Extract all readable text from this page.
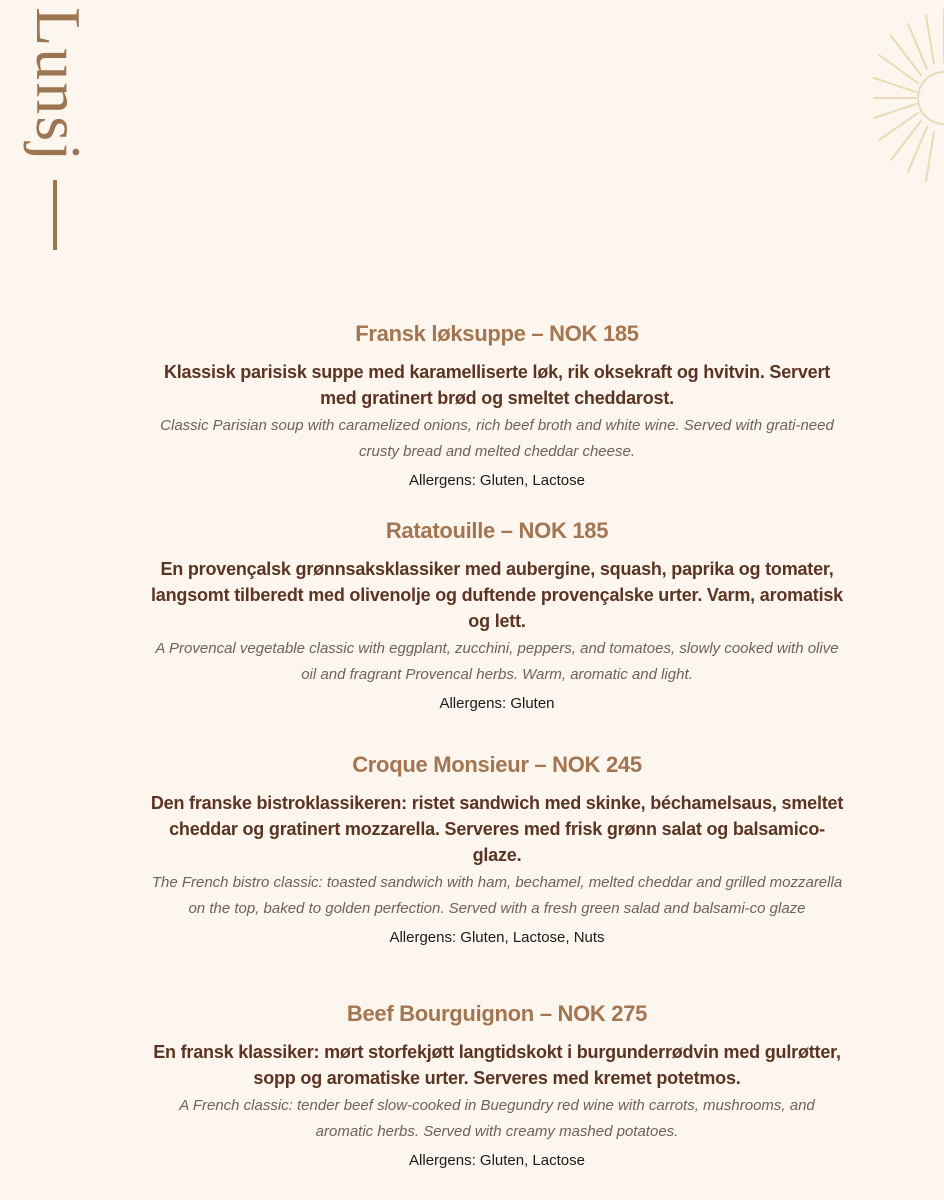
Lunsj
Fransk løksuppe – NOK 185
Klassisk parisisk suppe med karamelliserte løk, rik oksekraft og hvitvin. Servert med gratinert brød og smeltet cheddarost.
Classic Parisian soup with caramelized onions, rich beef broth and white wine. Served with grati-need crusty bread and melted cheddar cheese.
Allergens: Gluten, Lactose
Ratatouille – NOK 185
En provençalsk grønnsaksklassiker med aubergine, squash, paprika og tomater, langsomt tilberedt med olivenolje og duftende provençalske urter. Varm, aromatisk og lett.
A Provencal vegetable classic with eggplant, zucchini, peppers, and tomatoes, slowly cooked with olive oil and fragrant Provencal herbs. Warm, aromatic and light.
Allergens: Gluten
Croque Monsieur – NOK 245
Den franske bistroklassikeren: ristet sandwich med skinke, béchamelsaus, smeltet cheddar og gratinert mozzarella. Serveres med frisk grønn salat og balsamico-glaze.
The French bistro classic: toasted sandwich with ham, bechamel, melted cheddar and grilled mozzarella on the top, baked to golden perfection. Served with a fresh green salad and balsami-co glaze
Allergens: Gluten, Lactose, Nuts
Beef Bourguignon – NOK 275
En fransk klassiker: mørt storfekjøtt langtidskokt i burgunderrødvin med gulrøtter, sopp og aromatiske urter. Serveres med kremet potetmos.
A French classic: tender beef slow-cooked in Buegundry red wine with carrots, mushrooms, and aromatic herbs. Served with creamy mashed potatoes.
Allergens: Gluten, Lactose
